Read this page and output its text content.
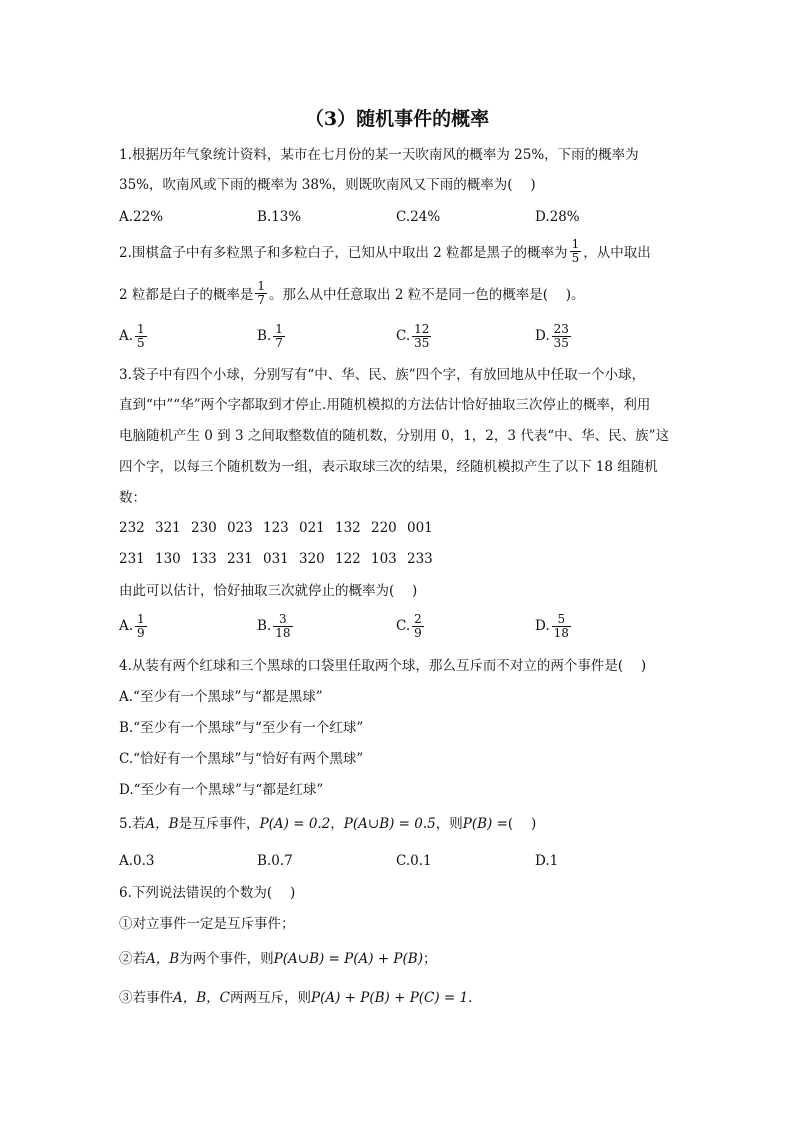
（3）随机事件的概率
1.根据历年气象统计资料，某市在七月份的某一天吹南风的概率为 25%，下雨的概率为
35%，吹南风或下雨的概率为 38%，则既吹南风又下雨的概率为(　 )
A.22%	B.13%	C.24%	D.28%
2.围棋盒子中有多粒黑子和多粒白子，已知从中取出 2 粒都是黑子的概率为 $\frac{1}{5}$ ，从中取出
2 粒都是白子的概率是 $\frac{1}{7}$ 。那么从中任意取出 2 粒不是同一色的概率是(　 )。
A. $\frac{1}{5}$	B. $\frac{1}{7}$	C. $\frac{12}{35}$	D. $\frac{23}{35}$
3.袋子中有四个小球，分别写有“中、华、民、族”四个字，有放回地从中任取一个小球，
直到“中”“华”两个字都取到才停止.用随机模拟的方法估计恰好抽取三次停止的概率，利用
电脑随机产生 0 到 3 之间取整数值的随机数，分别用 0，1，2，3 代表“中、华、民、族”这
四个字，以每三个随机数为一组，表示取球三次的结果，经随机模拟产生了以下 18 组随机
数：
232 321 230 023 123 021 132 220 001
231 130 133 231 031 320 122 103 233
由此可以估计，恰好抽取三次就停止的概率为(　 )
A. $\frac{1}{9}$	B. $\frac{3}{18}$	C. $\frac{2}{9}$	D. $\frac{5}{18}$
4.从装有两个红球和三个黑球的口袋里任取两个球，那么互斥而不对立的两个事件是(　 )
A.“至少有一个黑球”与“都是黑球”
B.“至少有一个黑球”与“至少有一个红球”
C.“恰好有一个黑球”与“恰好有两个黑球”
D.“至少有一个黑球”与“都是红球”
5.若A，B是互斥事件，P(A) = 0.2，P(A∪B) = 0.5，则P(B) =(　 )
A.0.3	B.0.7	C.0.1	D.1
6.下列说法错误的个数为(　 )
①对立事件一定是互斥事件；
②若A，B为两个事件，则P(A∪B) = P(A) + P(B)；
③若事件A，B，C两两互斥，则P(A) + P(B) + P(C) = 1.
